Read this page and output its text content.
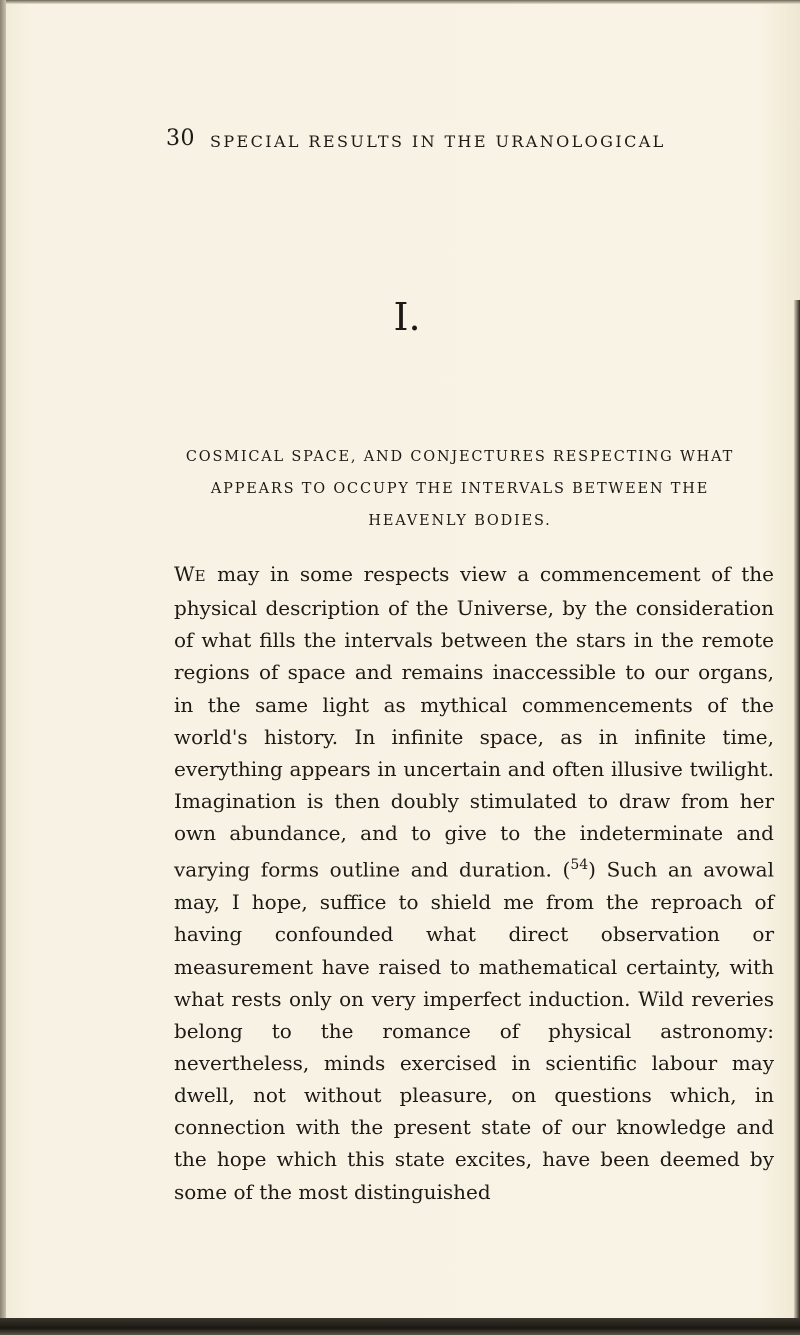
30 SPECIAL RESULTS IN THE URANOLOGICAL
I.
COSMICAL SPACE, AND CONJECTURES RESPECTING WHAT
APPEARS TO OCCUPY THE INTERVALS BETWEEN THE
HEAVENLY BODIES.
WE may in some respects view a commencement of the physical description of the Universe, by the consideration of what fills the intervals between the stars in the remote regions of space and remains inaccessible to our organs, in the same light as mythical commencements of the world's history. In infinite space, as in infinite time, everything appears in uncertain and often illusive twilight. Imagination is then doubly stimulated to draw from her own abundance, and to give to the indeterminate and varying forms outline and duration. ($^{54}$) Such an avowal may, I hope, suffice to shield me from the reproach of having confounded what direct observation or measurement have raised to mathematical certainty, with what rests only on very imperfect induction. Wild reveries belong to the romance of physical astronomy: nevertheless, minds exercised in scientific labour may dwell, not without pleasure, on questions which, in connection with the present state of our knowledge and the hope which this state excites, have been deemed by some of the most distinguished
